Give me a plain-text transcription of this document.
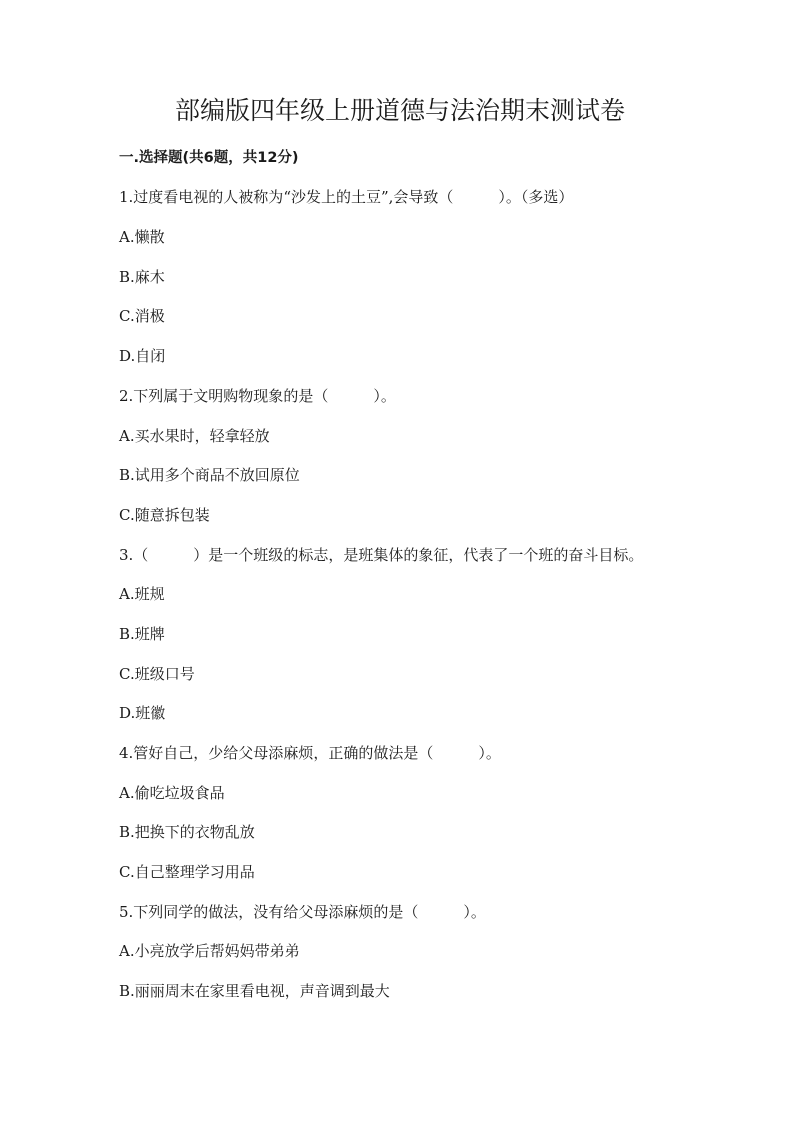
部编版四年级上册道德与法治期末测试卷

一.选择题(共6题，共12分)

1.过度看电视的人被称为“沙发上的土豆”,会导致（　　　）。（多选）

A.懒散

B.麻木

C.消极

D.自闭

2.下列属于文明购物现象的是（　　　）。

A.买水果时，轻拿轻放

B.试用多个商品不放回原位

C.随意拆包装

3.（　　　）是一个班级的标志，是班集体的象征，代表了一个班的奋斗目标。

A.班规

B.班牌

C.班级口号

D.班徽

4.管好自己，少给父母添麻烦，正确的做法是（　　　）。

A.偷吃垃圾食品

B.把换下的衣物乱放

C.自己整理学习用品

5.下列同学的做法，没有给父母添麻烦的是（　　　）。

A.小亮放学后帮妈妈带弟弟

B.丽丽周末在家里看电视，声音调到最大
